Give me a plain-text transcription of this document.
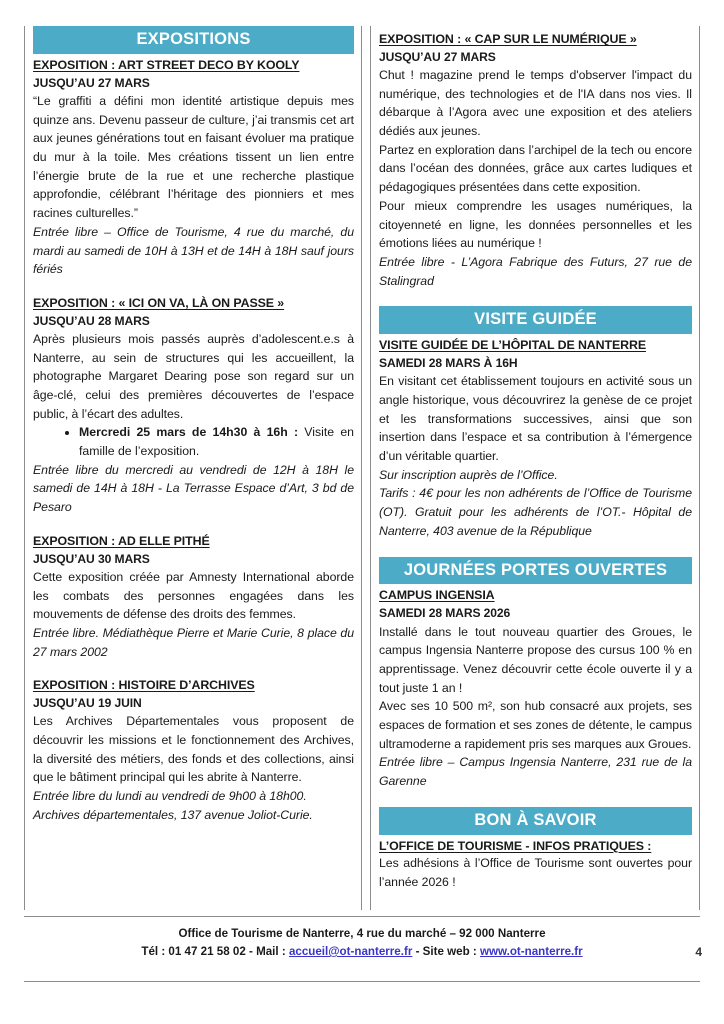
EXPOSITIONS
EXPOSITION : ART STREET DECO BY KOOLY
JUSQU’AU 27 MARS

“Le graffiti a défini mon identité artistique depuis mes quinze ans. Devenu passeur de culture, j’ai transmis cet art aux jeunes générations tout en faisant évoluer ma pratique du mur à la toile. Mes créations tissent un lien entre l’énergie brute de la rue et une recherche plastique approfondie, célébrant l’héritage des pionniers et mes racines culturelles.”

Entrée libre – Office de Tourisme, 4 rue du marché, du mardi au samedi de 10H à 13H et de 14H à 18H sauf jours fériés

EXPOSITION : « ICI ON VA, LÀ ON PASSE »
JUSQU’AU 28 MARS

Après plusieurs mois passés auprès d’adolescent.e.s à Nanterre, au sein de structures qui les accueillent, la photographe Margaret Dearing pose son regard sur un âge-clé, celui des premières découvertes de l’espace public, à l’écart des adultes.

• Mercredi 25 mars de 14h30 à 16h : Visite en famille de l’exposition.

Entrée libre du mercredi au vendredi de 12H à 18H le samedi de 14H à 18H - La Terrasse Espace d’Art, 3 bd de Pesaro

EXPOSITION : AD ELLE PITHÉ
JUSQU’AU 30 MARS

Cette exposition créée par Amnesty International aborde les combats des personnes engagées dans les mouvements de défense des droits des femmes.

Entrée libre. Médiathèque Pierre et Marie Curie, 8 place du 27 mars 2002

EXPOSITION : HISTOIRE D’ARCHIVES
JUSQU’AU 19 JUIN

Les Archives Départementales vous proposent de découvrir les missions et le fonctionnement des Archives, la diversité des métiers, des fonds et des collections, ainsi que le bâtiment principal qui les abrite à Nanterre.

Entrée libre du lundi au vendredi de 9h00 à 18h00.

Archives départementales, 137 avenue Joliot-Curie.

EXPOSITION : « CAP SUR LE NUMÉRIQUE »
JUSQU’AU 27 MARS

Chut ! magazine prend le temps d'observer l'impact du numérique, des technologies et de l'IA dans nos vies. Il débarque à l’Agora avec une exposition et des ateliers dédiés aux jeunes.

Partez en exploration dans l’archipel de la tech ou encore dans l’océan des données, grâce aux cartes ludiques et pédagogiques présentées dans cette exposition.

Pour mieux comprendre les usages numériques, la citoyenneté en ligne, les données personnelles et les émotions liées au numérique !

Entrée libre - L’Agora Fabrique des Futurs, 27 rue de Stalingrad

VISITE GUIDÉE
VISITE GUIDÉE DE L’HÔPITAL DE NANTERRE
SAMEDI 28 MARS À 16H

En visitant cet établissement toujours en activité sous un angle historique, vous découvrirez la genèse de ce projet et les transformations successives, ainsi que son insertion dans l’espace et sa contribution à l’émergence d’un véritable quartier.

Sur inscription auprès de l’Office.

Tarifs : 4€ pour les non adhérents de l’Office de Tourisme (OT). Gratuit pour les adhérents de l’OT.- Hôpital de Nanterre, 403 avenue de la République

JOURNÉES PORTES OUVERTES
CAMPUS INGENSIA
SAMEDI 28 MARS 2026

Installé dans le tout nouveau quartier des Groues, le campus Ingensia Nanterre propose des cursus 100 % en apprentissage. Venez découvrir cette école ouverte il y a tout juste 1 an !

Avec ses 10 500 m², son hub consacré aux projets, ses espaces de formation et ses zones de détente, le campus ultramoderne a rapidement pris ses marques aux Groues.

Entrée libre – Campus Ingensia Nanterre, 231 rue de la Garenne

BON À SAVOIR
L’OFFICE DE TOURISME - INFOS PRATIQUES :

Les adhésions à l’Office de Tourisme sont ouvertes pour l’année 2026 !

Office de Tourisme de Nanterre, 4 rue du marché – 92 000 Nanterre
Tél : 01 47 21 58 02 - Mail : accueil@ot-nanterre.fr - Site web : www.ot-nanterre.fr	4
